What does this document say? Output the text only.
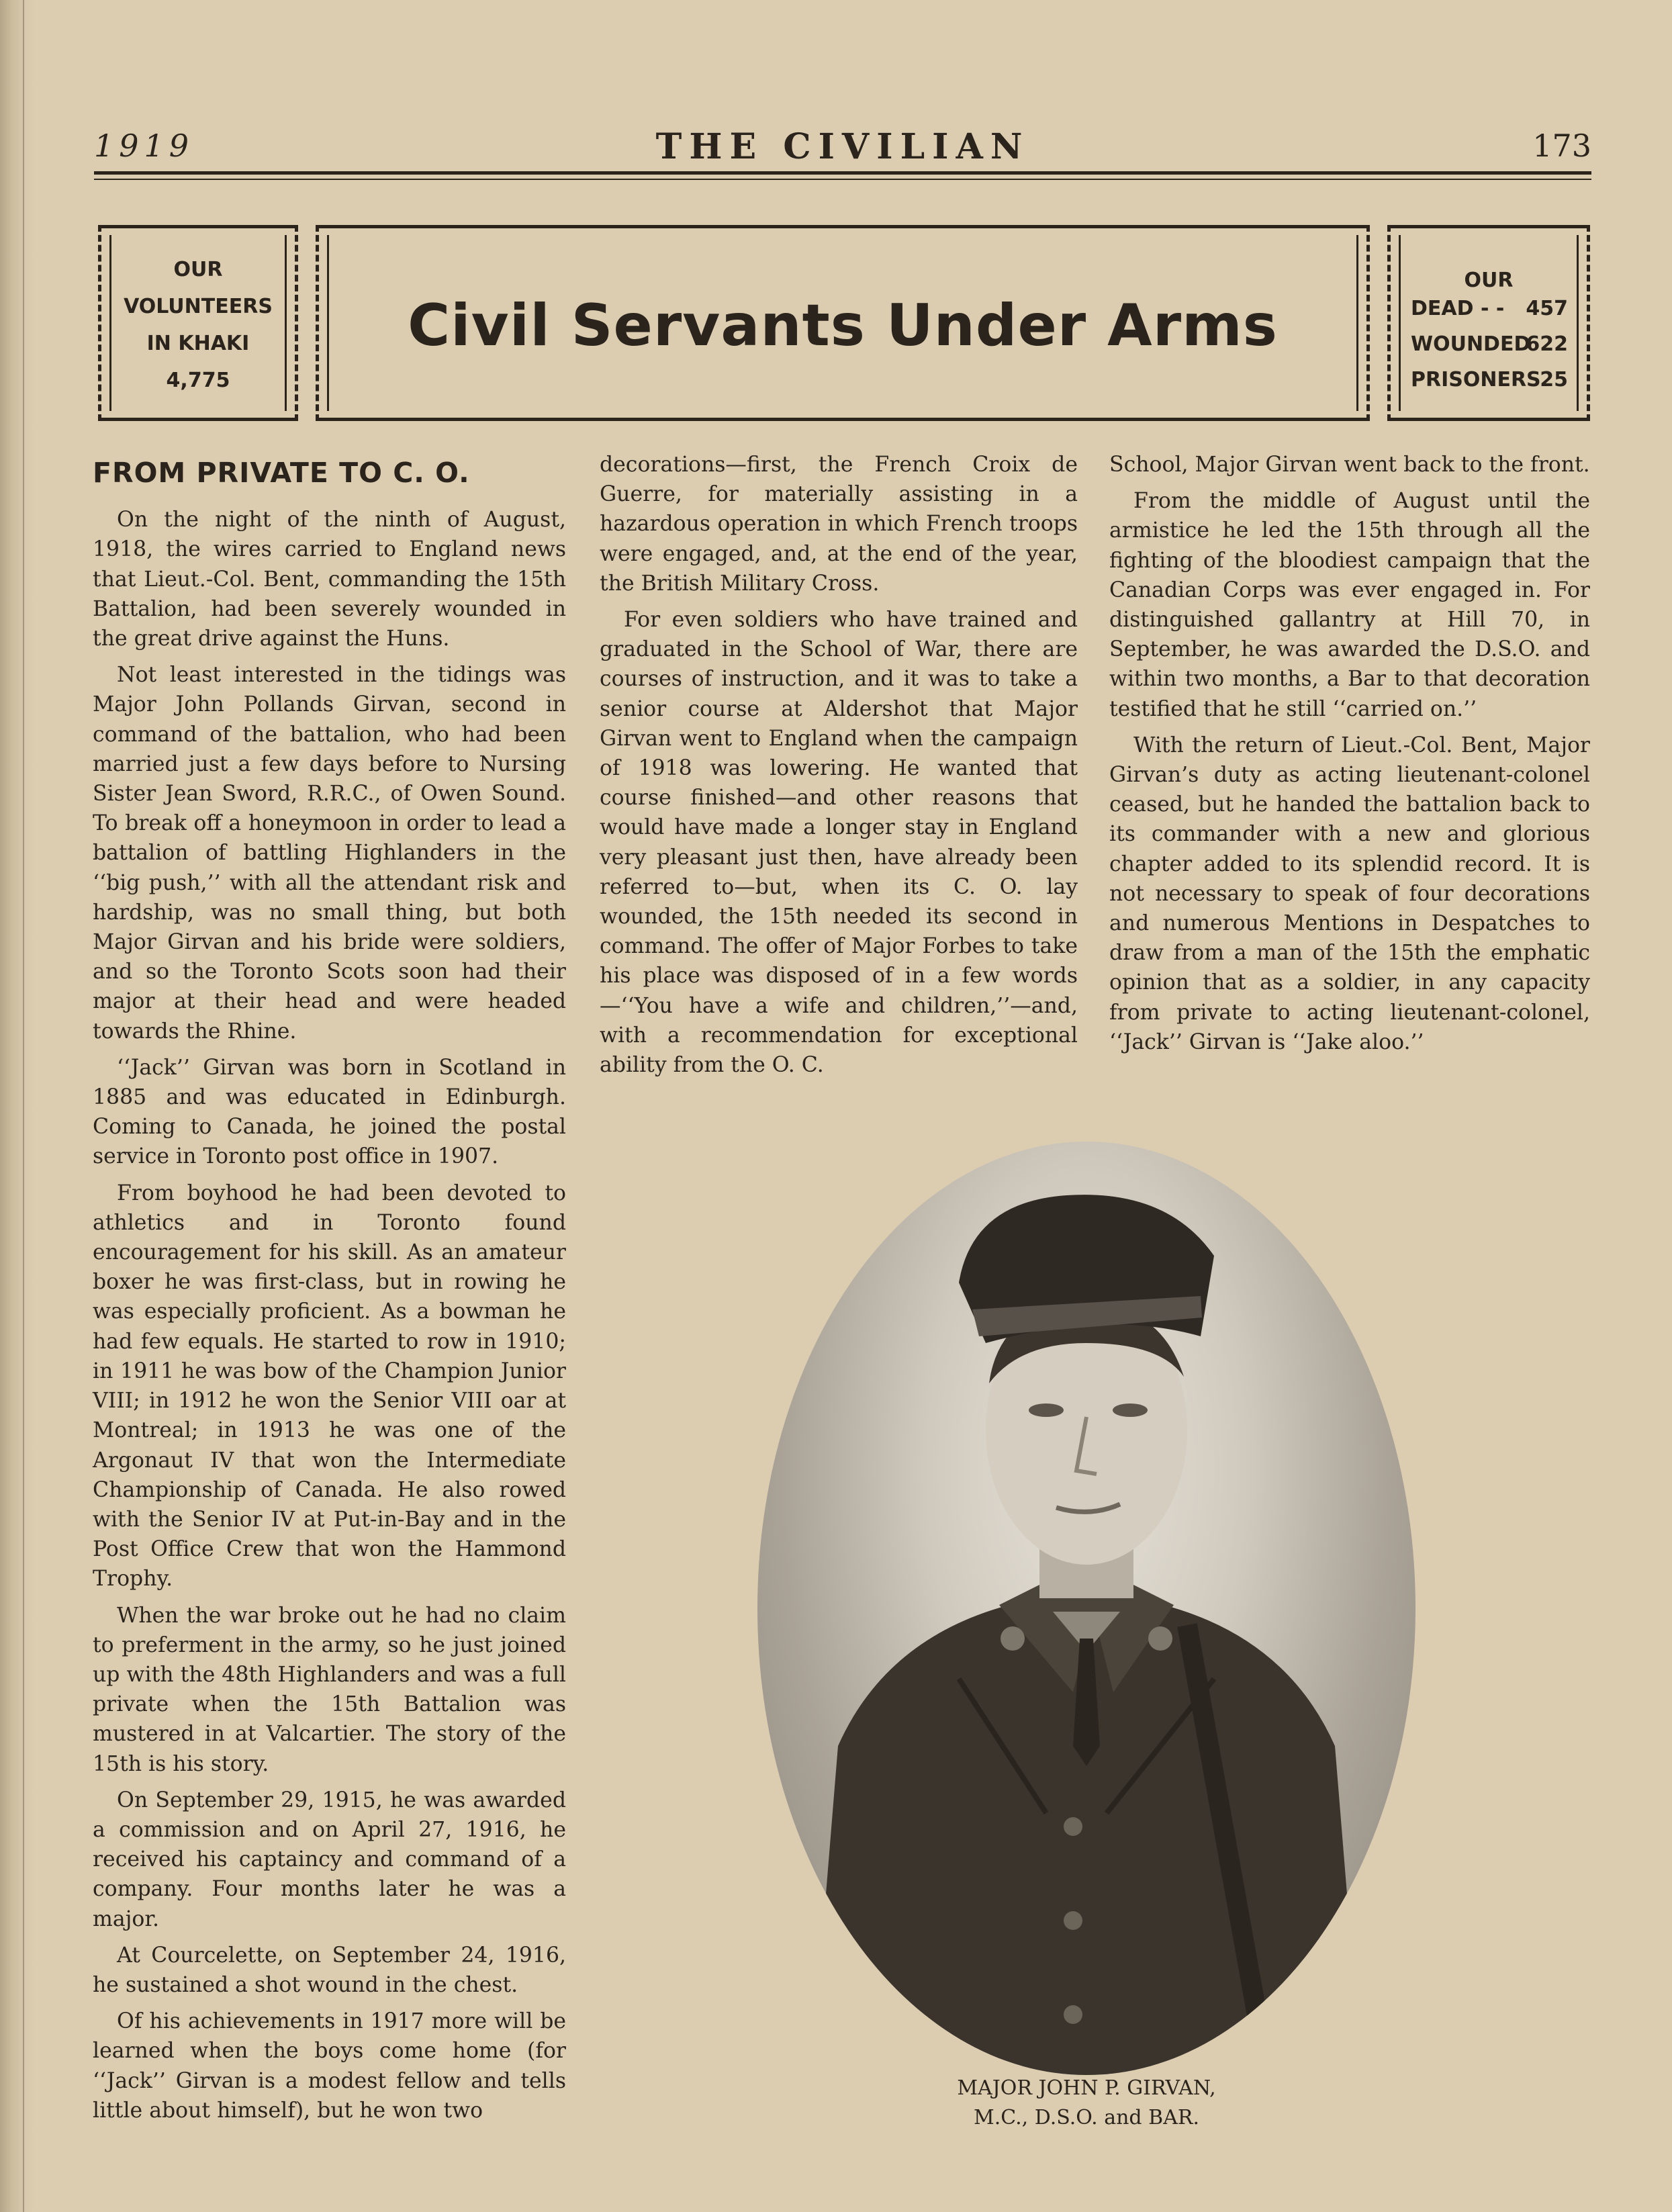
1919	THE CIVILIAN	173
OUR
VOLUNTEERS
IN KHAKI
4,775
Civil Servants Under Arms
OUR
DEAD - - 457
WOUNDED
622
PRISONERS
25
FROM PRIVATE TO C. O.

On the night of the ninth of August, 1918, the wires carried to England news that Lieut.-Col. Bent, commanding the 15th Battalion, had been severely wounded in the great drive against the Huns.

Not least interested in the tidings was Major John Pollands Girvan, second in command of the battalion, who had been married just a few days before to Nursing Sister Jean Sword, R.R.C., of Owen Sound. To break off a honeymoon in order to lead a battalion of battling Highlanders in the ‘‘big push,’’ with all the attendant risk and hardship, was no small thing, but both Major Girvan and his bride were soldiers, and so the Toronto Scots soon had their major at their head and were headed towards the Rhine.

‘‘Jack’’ Girvan was born in Scotland in 1885 and was educated in Edinburgh. Coming to Canada, he joined the postal service in Toronto post office in 1907.

From boyhood he had been devoted to athletics and in Toronto found encouragement for his skill. As an amateur boxer he was first-class, but in rowing he was especially proficient. As a bowman he had few equals. He started to row in 1910; in 1911 he was bow of the Champion Junior VIII; in 1912 he won the Senior VIII oar at Montreal; in 1913 he was one of the Argonaut IV that won the Intermediate Championship of Canada. He also rowed with the Senior IV at Put-in-Bay and in the Post Office Crew that won the Hammond Trophy.

When the war broke out he had no claim to preferment in the army, so he just joined up with the 48th Highlanders and was a full private when the 15th Battalion was mustered in at Valcartier. The story of the 15th is his story.

On September 29, 1915, he was awarded a commission and on April 27, 1916, he received his captaincy and command of a company. Four months later he was a major.

At Courcelette, on September 24, 1916, he sustained a shot wound in the chest.

Of his achievements in 1917 more will be learned when the boys come home (for ‘‘Jack’’ Girvan is a modest fellow and tells little about himself), but he won two

decorations—first, the French Croix de Guerre, for materially assisting in a hazardous operation in which French troops were engaged, and, at the end of the year, the British Military Cross.

For even soldiers who have trained and graduated in the School of War, there are courses of instruction, and it was to take a senior course at Aldershot that Major Girvan went to England when the campaign of 1918 was lowering. He wanted that course finished—and other reasons that would have made a longer stay in England very pleasant just then, have already been referred to—but, when its C. O. lay wounded, the 15th needed its second in command. The offer of Major Forbes to take his place was disposed of in a few words—‘‘You have a wife and children,’’—and, with a recommendation for exceptional ability from the O. C.

School, Major Girvan went back to the front.

From the middle of August until the armistice he led the 15th through all the fighting of the bloodiest campaign that the Canadian Corps was ever engaged in. For distinguished gallantry at Hill 70, in September, he was awarded the D.S.O. and within two months, a Bar to that decoration testified that he still ‘‘carried on.’’

With the return of Lieut.-Col. Bent, Major Girvan’s duty as acting lieutenant-colonel ceased, but he handed the battalion back to its commander with a new and glorious chapter added to its splendid record. It is not necessary to speak of four decorations and numerous Mentions in Despatches to draw from a man of the 15th the emphatic opinion that as a soldier, in any capacity from private to acting lieutenant-colonel, ‘‘Jack’’ Girvan is ‘‘Jake aloo.’’

MAJOR JOHN P. GIRVAN,
M.C., D.S.O. and BAR.
